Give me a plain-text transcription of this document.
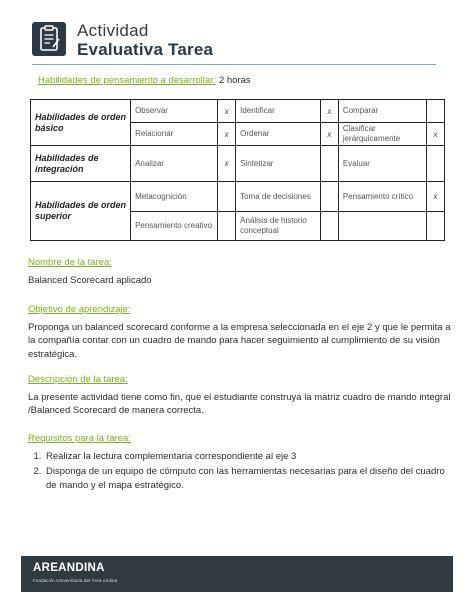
Actividad
Evaluativa Tarea
Habilidades de pensamiento a desarrollar: 2 horas
Habilidades de orden básico	Observar	x	Identificar	x	Comparar	

	Relacionar	x	Ordenar	x	Clasificar jerárquicamente	x
Habilidades de integración	Analizar	x	Sintetizar		Evaluar	

Habilidades de orden superior	Metacognición		Toma de decisiones		Pensamiento crítico	x

	Pensamiento creativo		Análisis de historio conceptual			

Nombre de la tarea:
Balanced Scorecard aplicado
Objetivo de aprendizaje:
Proponga un balanced scorecard conforme a la empresa seleccionada en el eje 2 y que le permita a la compañía contar con un cuadro de mando para hacer seguimiento al cumplimiento de su visión estratégica.
Descripción de la tarea:
La presente actividad tiene como fin, que el estudiante construya la matriz cuadro de mando integral /Balanced Scorecard de manera correcta.
Requisitos para la tarea:
1. Realizar la lectura complementaria correspondiente al eje 3
2. Disponga de un equipo de cómputo con las herramientas necesarias para el diseño del cuadro de mando y el mapa estratégico.
AREANDINA
Fundación Universitaria del Área Andina
